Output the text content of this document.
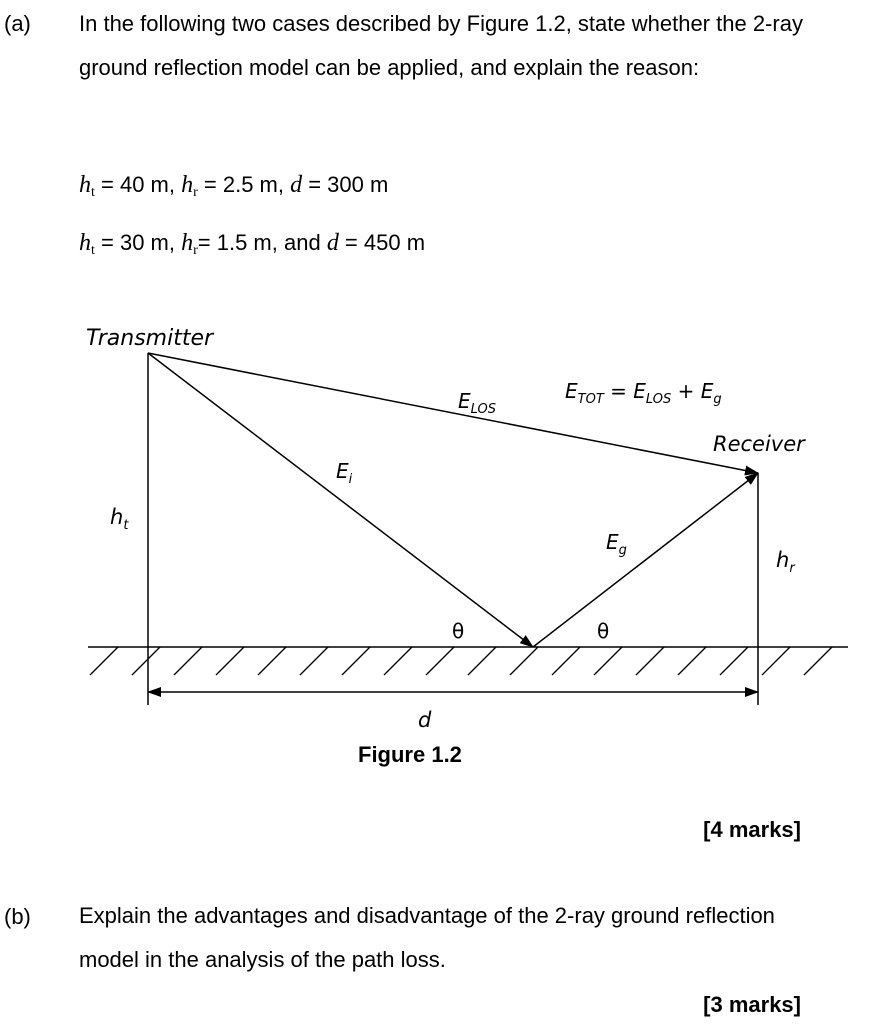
(a) In the following two cases described by Figure 1.2, state whether the 2-ray ground reflection model can be applied, and explain the reason:
$h_t = 40$ m, $h_r = 2.5$ m, d = 300 m
$h_t = 30$ m, $h_r= 1.5$ m, and d = 450 m
Transmitter
Receiver
$E_{LOS}$
$E_{TOT} = E_{LOS} + E_g$
$E_i$
$E_g$
$h_t$
$h_r$
θ	θ
d
Figure 1.2
[4 marks]
(b) Explain the advantages and disadvantage of the 2-ray ground reflection model in the analysis of the path loss.
[3 marks]
